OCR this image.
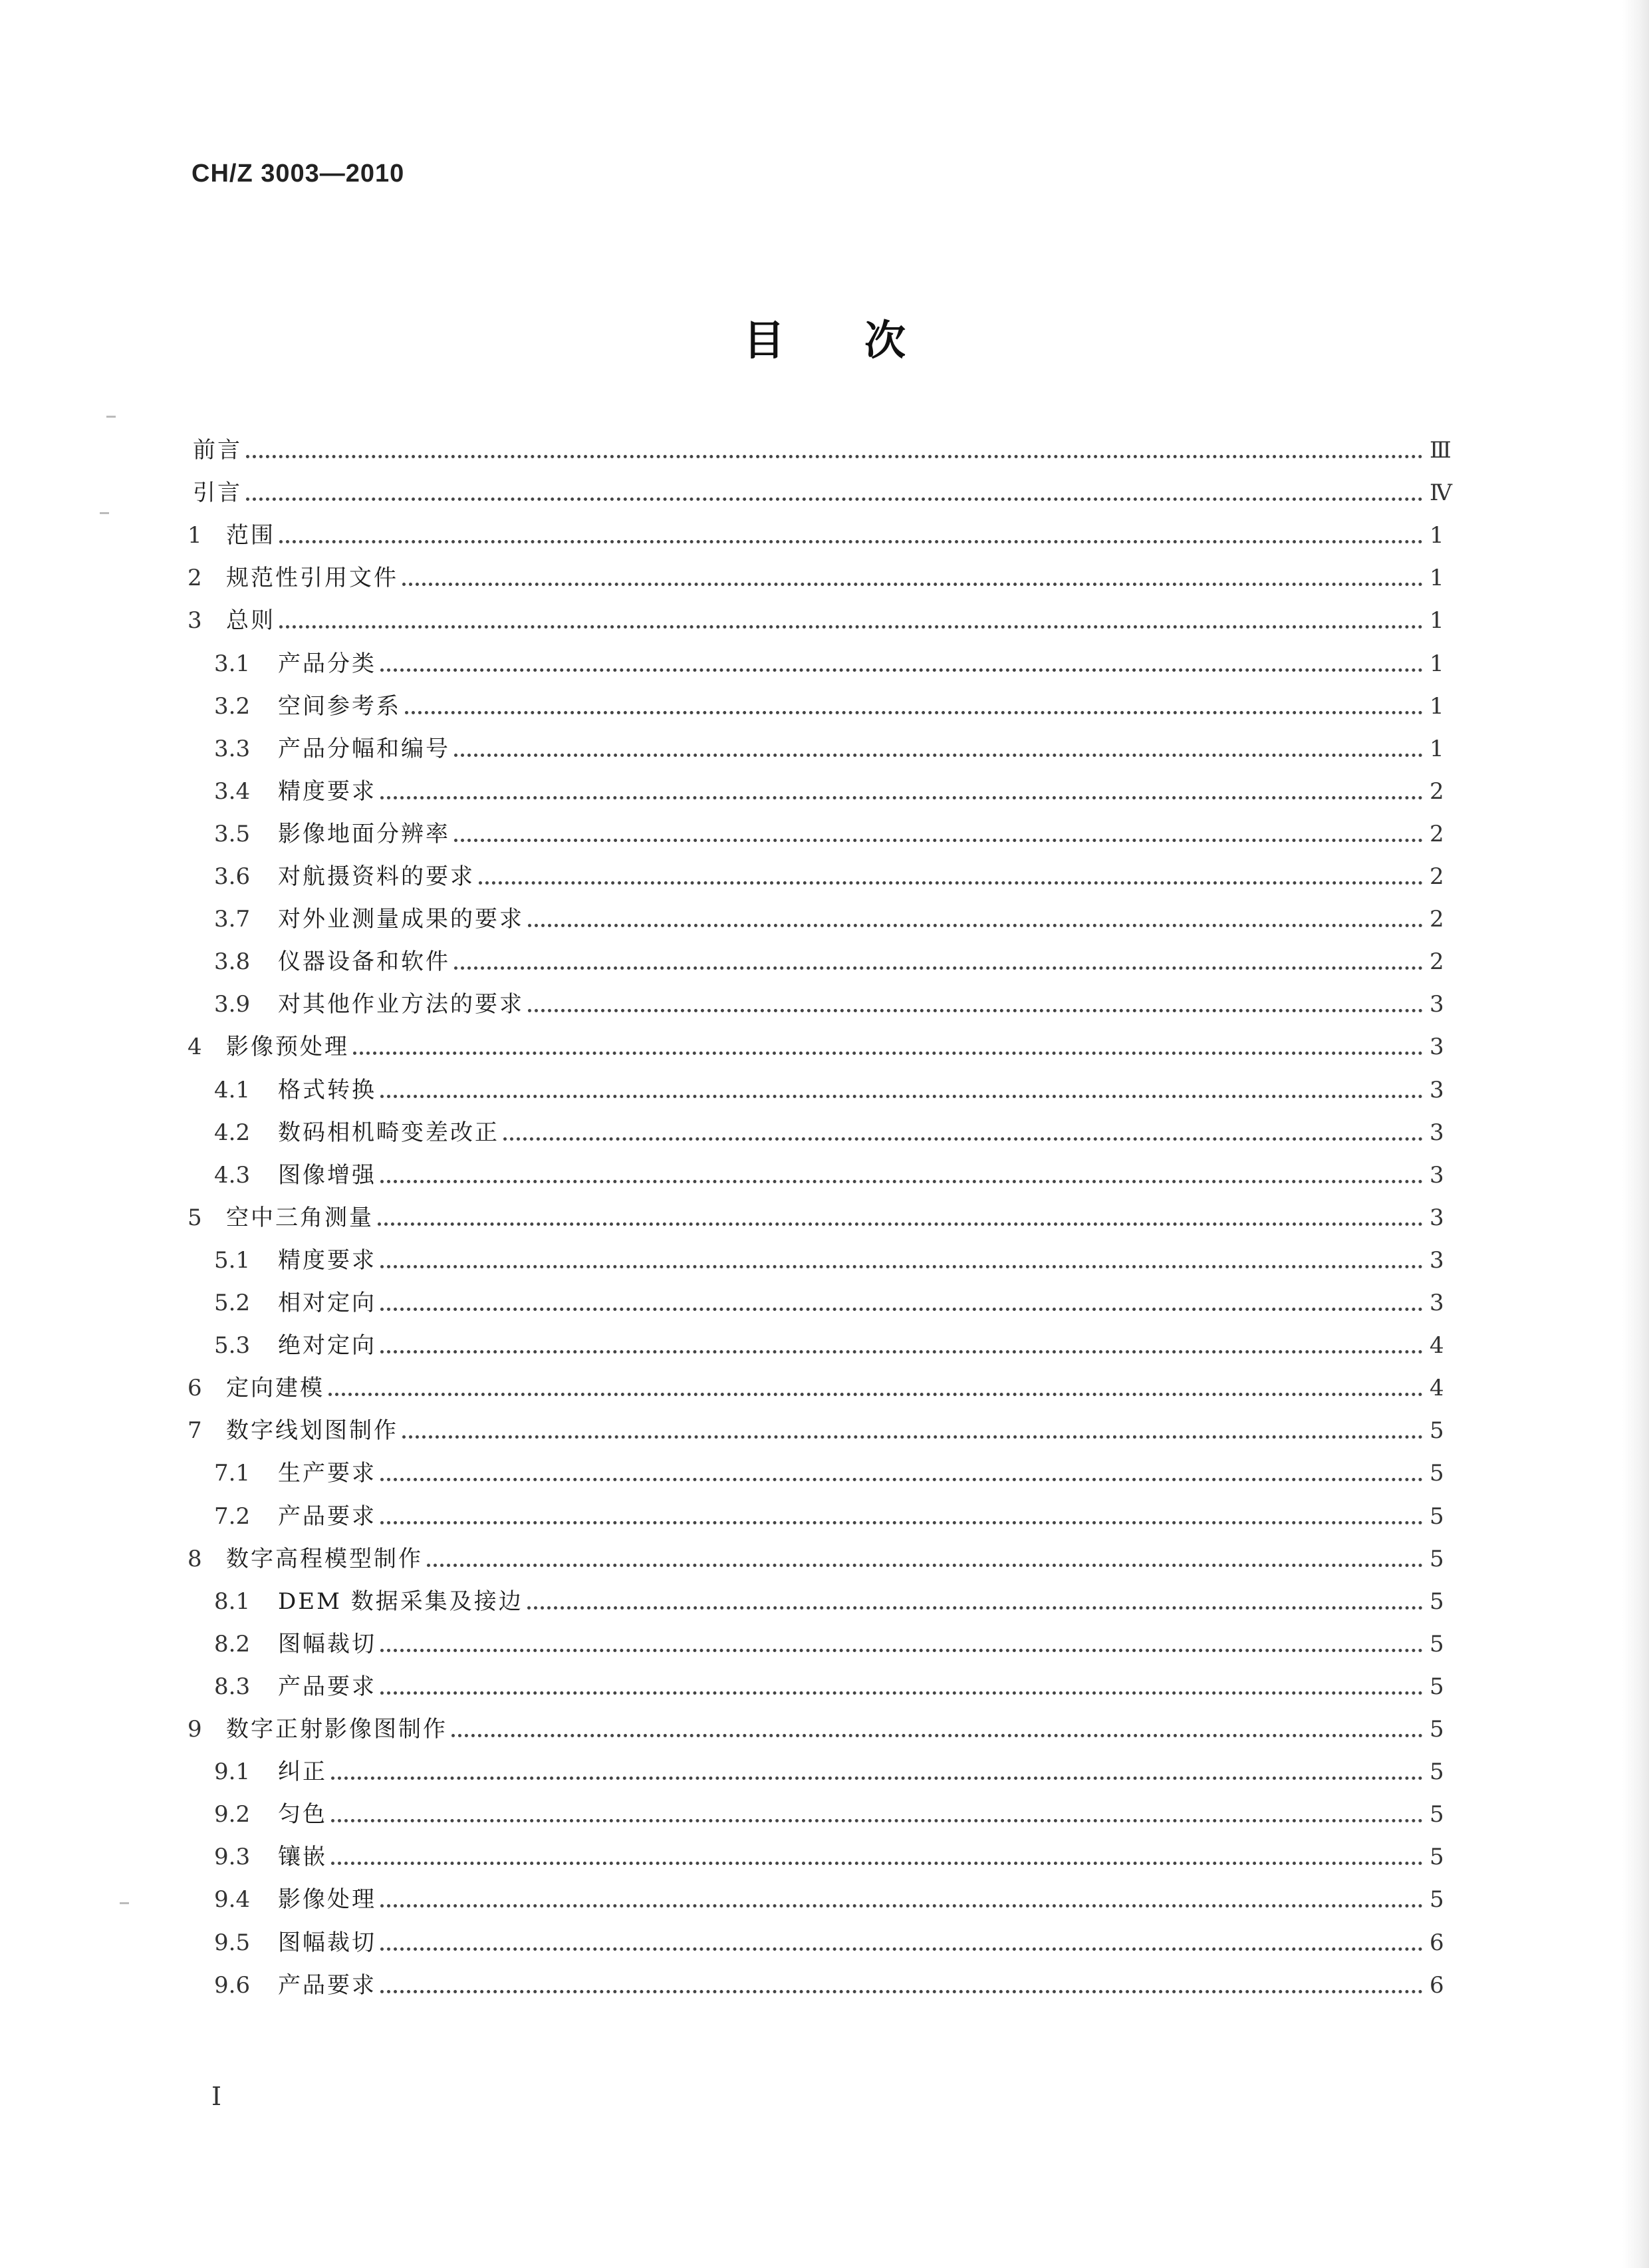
CH/Z 3003—2010
目次
前言	Ⅲ
引言	Ⅳ
1	范围	1
2	规范性引用文件	1
3	总则	1
3.1	产品分类	1
3.2	空间参考系	1
3.3	产品分幅和编号	1
3.4	精度要求	2
3.5	影像地面分辨率	2
3.6	对航摄资料的要求	2
3.7	对外业测量成果的要求	2
3.8	仪器设备和软件	2
3.9	对其他作业方法的要求	3
4	影像预处理	3
4.1	格式转换	3
4.2	数码相机畸变差改正	3
4.3	图像增强	3
5	空中三角测量	3
5.1	精度要求	3
5.2	相对定向	3
5.3	绝对定向	4
6	定向建模	4
7	数字线划图制作	5
7.1	生产要求	5
7.2	产品要求	5
8	数字高程模型制作	5
8.1	DEM 数据采集及接边	5
8.2	图幅裁切	5
8.3	产品要求	5
9	数字正射影像图制作	5
9.1	纠正	5
9.2	匀色	5
9.3	镶嵌	5
9.4	影像处理	5
9.5	图幅裁切	6
9.6	产品要求	6
I
